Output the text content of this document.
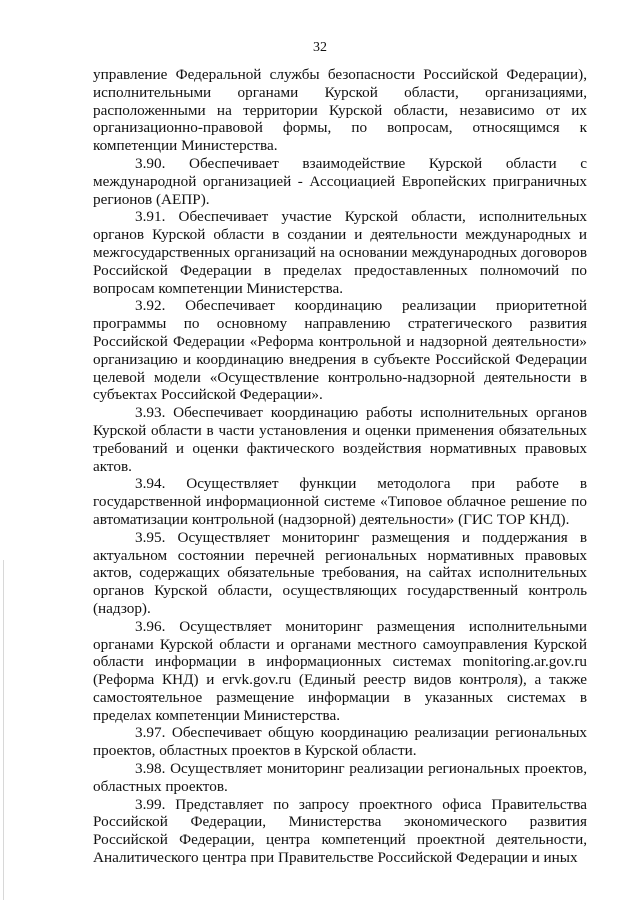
32

управление Федеральной службы безопасности Российской Федерации), исполнительными органами Курской области, организациями, расположенными на территории Курской области, независимо от их организационно-правовой формы, по вопросам, относящимся к компетенции Министерства.

3.90. Обеспечивает взаимодействие Курской области с международной организацией - Ассоциацией Европейских приграничных регионов (АЕПР).

3.91. Обеспечивает участие Курской области, исполнительных органов Курской области в создании и деятельности международных и межгосударственных организаций на основании международных договоров Российской Федерации в пределах предоставленных полномочий по вопросам компетенции Министерства.

3.92. Обеспечивает координацию реализации приоритетной программы по основному направлению стратегического развития Российской Федерации «Реформа контрольной и надзорной деятельности» организацию и координацию внедрения в субъекте Российской Федерации целевой модели «Осуществление контрольно-надзорной деятельности в субъектах Российской Федерации».

3.93. Обеспечивает координацию работы исполнительных органов Курской области в части установления и оценки применения обязательных требований и оценки фактического воздействия нормативных правовых актов.

3.94. Осуществляет функции методолога при работе в государственной информационной системе «Типовое облачное решение по автоматизации контрольной (надзорной) деятельности» (ГИС ТОР КНД).

3.95. Осуществляет мониторинг размещения и поддержания в актуальном состоянии перечней региональных нормативных правовых актов, содержащих обязательные требования, на сайтах исполнительных органов Курской области, осуществляющих государственный контроль (надзор).

3.96. Осуществляет мониторинг размещения исполнительными органами Курской области и органами местного самоуправления Курской области информации в информационных системах monitoring.ar.gov.ru (Реформа КНД) и ervk.gov.ru (Единый реестр видов контроля), а также самостоятельное размещение информации в указанных системах в пределах компетенции Министерства.

3.97. Обеспечивает общую координацию реализации региональных проектов, областных проектов в Курской области.

3.98. Осуществляет мониторинг реализации региональных проектов, областных проектов.

3.99. Представляет по запросу проектного офиса Правительства Российской Федерации, Министерства экономического развития Российской Федерации, центра компетенций проектной деятельности, Аналитического центра при Правительстве Российской Федерации и иных
